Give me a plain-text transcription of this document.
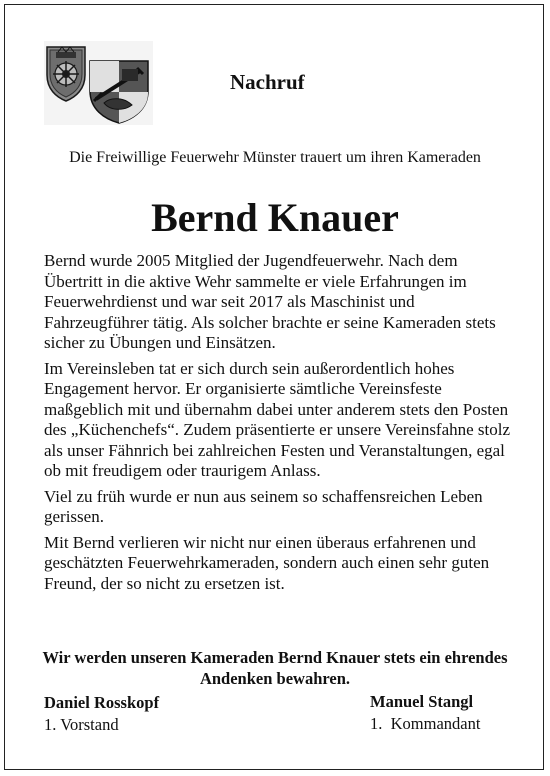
Nachruf
Die Freiwillige Feuerwehr Münster trauert um ihren Kameraden
Bernd Knauer

Bernd wurde 2005 Mitglied der Jugendfeuerwehr. Nach dem Übertritt in die aktive Wehr sammelte er viele Erfahrungen im Feuerwehrdienst und war seit 2017 als Maschinist und Fahrzeugführer tätig. Als solcher brachte er seine Kameraden stets sicher zu Übungen und Einsätzen.

Im Vereinsleben tat er sich durch sein außerordentlich hohes Engagement hervor. Er organisierte sämtliche Vereinsfeste maßgeblich mit und übernahm dabei unter anderem stets den Posten des „Küchenchefs“. Zudem präsentierte er unsere Vereinsfahne stolz als unser Fähnrich bei zahlreichen Festen und Veranstaltungen, egal ob mit freudigem oder traurigem Anlass.

Viel zu früh wurde er nun aus seinem so schaffensreichen Leben gerissen.

Mit Bernd verlieren wir nicht nur einen überaus erfahrenen und geschätzten Feuerwehrkameraden, sondern auch einen sehr guten Freund, der so nicht zu ersetzen ist.

Wir werden unseren Kameraden Bernd Knauer stets ein ehrendes Andenken bewahren.
Daniel Rosskopf
1. Vorstand
Manuel Stangl
1.  Kommandant
